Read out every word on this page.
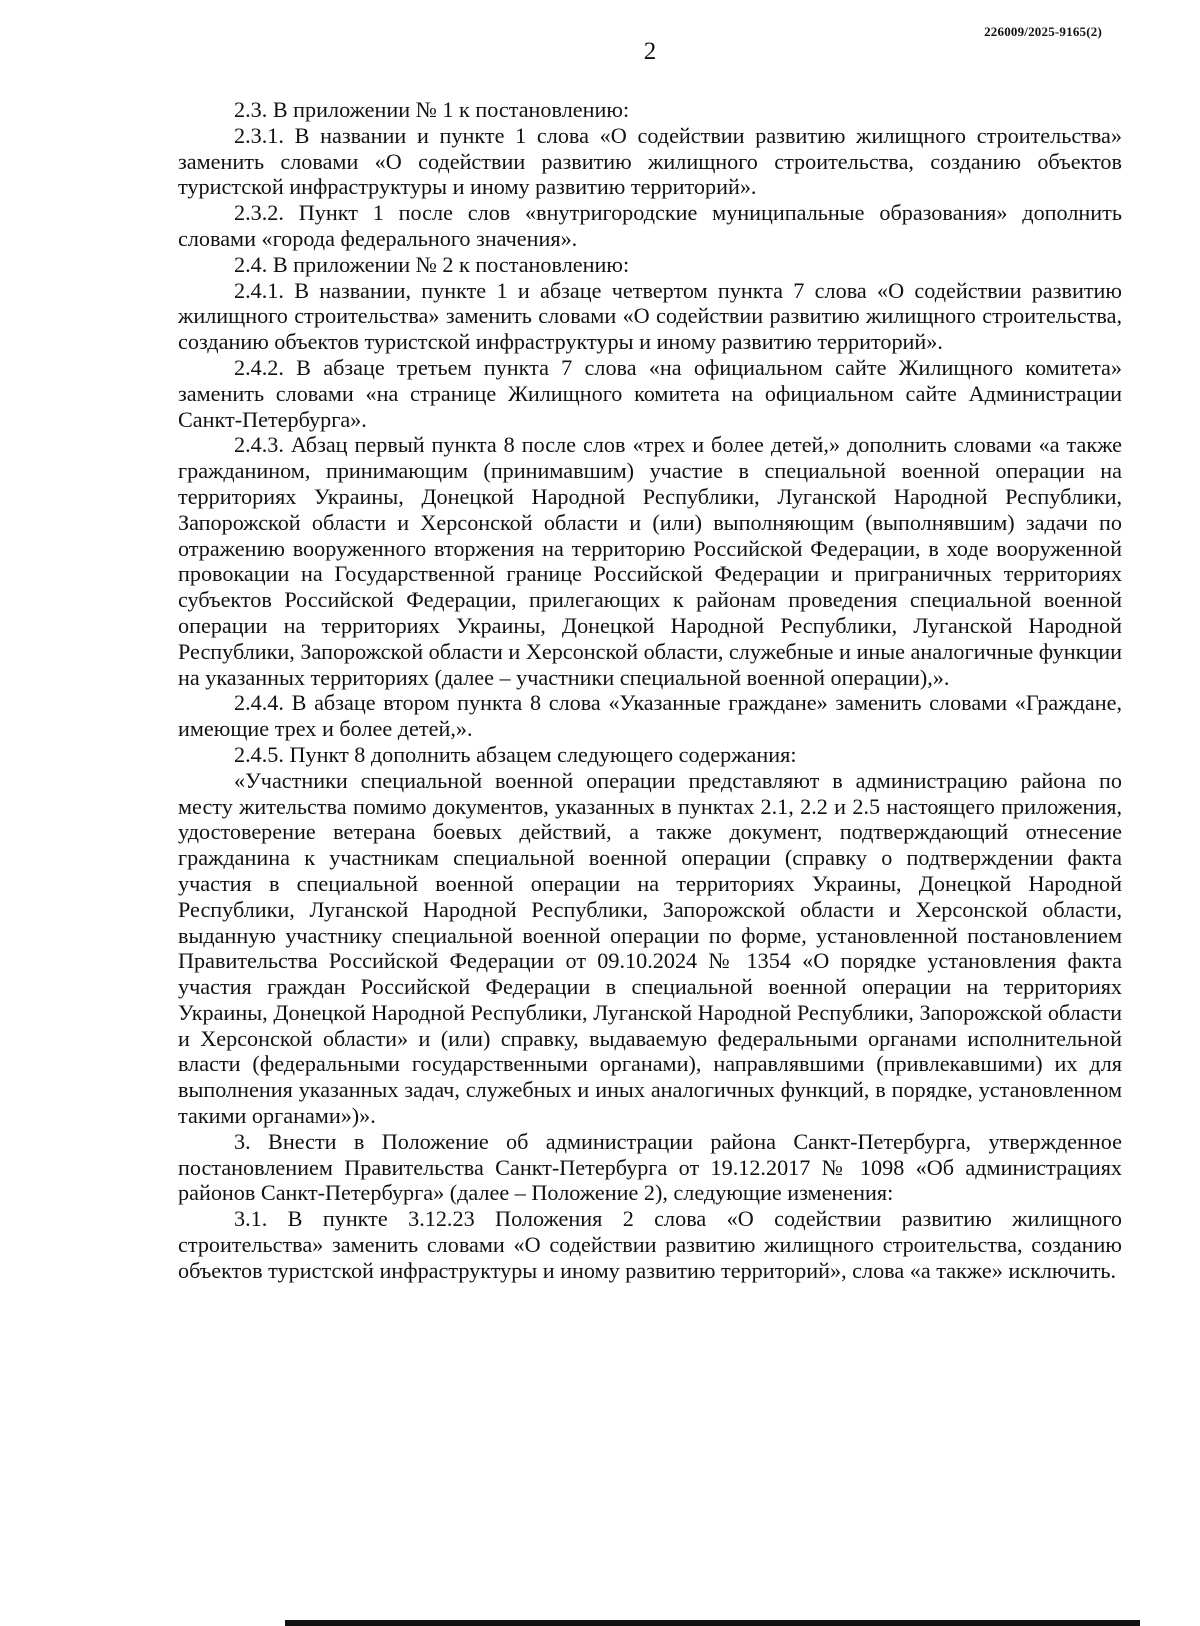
226009/2025-9165(2)
2

2.3. В приложении № 1 к постановлению:

2.3.1. В названии и пункте 1 слова «О содействии развитию жилищного строительства» заменить словами «О содействии развитию жилищного строительства, созданию объектов туристской инфраструктуры и иному развитию территорий».

2.3.2. Пункт 1 после слов «внутригородские муниципальные образования» дополнить словами «города федерального значения».

2.4. В приложении № 2 к постановлению:

2.4.1. В названии, пункте 1 и абзаце четвертом пункта 7 слова «О содействии развитию жилищного строительства» заменить словами «О содействии развитию жилищного строительства, созданию объектов туристской инфраструктуры и иному развитию территорий».

2.4.2. В абзаце третьем пункта 7 слова «на официальном сайте Жилищного комитета» заменить словами «на странице Жилищного комитета на официальном сайте Администрации Санкт-Петербурга».

2.4.3. Абзац первый пункта 8 после слов «трех и более детей,» дополнить словами «а также гражданином, принимающим (принимавшим) участие в специальной военной операции на территориях Украины, Донецкой Народной Республики, Луганской Народной Республики, Запорожской области и Херсонской области и (или) выполняющим (выполнявшим) задачи по отражению вооруженного вторжения на территорию Российской Федерации, в ходе вооруженной провокации на Государственной границе Российской Федерации и приграничных территориях субъектов Российской Федерации, прилегающих к районам проведения специальной военной операции на территориях Украины, Донецкой Народной Республики, Луганской Народной Республики, Запорожской области и Херсонской области, служебные и иные аналогичные функции на указанных территориях (далее – участники специальной военной операции),».

2.4.4. В абзаце втором пункта 8 слова «Указанные граждане» заменить словами «Граждане, имеющие трех и более детей,».

2.4.5. Пункт 8 дополнить абзацем следующего содержания:

«Участники специальной военной операции представляют в администрацию района по месту жительства помимо документов, указанных в пунктах 2.1, 2.2 и 2.5 настоящего приложения, удостоверение ветерана боевых действий, а также документ, подтверждающий отнесение гражданина к участникам специальной военной операции (справку о подтверждении факта участия в специальной военной операции на территориях Украины, Донецкой Народной Республики, Луганской Народной Республики, Запорожской области и Херсонской области, выданную участнику специальной военной операции по форме, установленной постановлением Правительства Российской Федерации от 09.10.2024 № 1354 «О порядке установления факта участия граждан Российской Федерации в специальной военной операции на территориях Украины, Донецкой Народной Республики, Луганской Народной Республики, Запорожской области и Херсонской области» и (или) справку, выдаваемую федеральными органами исполнительной власти (федеральными государственными органами), направлявшими (привлекавшими) их для выполнения указанных задач, служебных и иных аналогичных функций, в порядке, установленном такими органами»)».

3. Внести в Положение об администрации района Санкт-Петербурга, утвержденное постановлением Правительства Санкт-Петербурга от 19.12.2017 № 1098 «Об администрациях районов Санкт-Петербурга» (далее – Положение 2), следующие изменения:

3.1. В пункте 3.12.23 Положения 2 слова «О содействии развитию жилищного строительства» заменить словами «О содействии развитию жилищного строительства, созданию объектов туристской инфраструктуры и иному развитию территорий», слова «а также» исключить.
